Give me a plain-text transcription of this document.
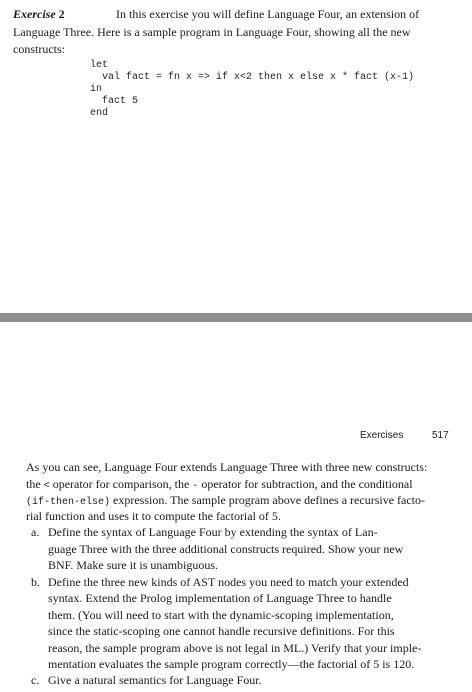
Exercise 2	In this exercise you will define Language Four, an extension of
Language Three. Here is a sample program in Language Four, showing all the new
constructs:
let
val fact = fn x => if x<2 then x else x * fact (x-1)
in
fact 5
end
Exercises	517
As you can see, Language Four extends Language Three with three new constructs:
the < operator for comparison, the - operator for subtraction, and the conditional
(if-then-else) expression. The sample program above defines a recursive facto-
rial function and uses it to compute the factorial of 5.
a. Define the syntax of Language Four by extending the syntax of Lan-
guage Three with the three additional constructs required. Show your new
BNF. Make sure it is unambiguous.
b. Define the three new kinds of AST nodes you need to match your extended
syntax. Extend the Prolog implementation of Language Three to handle
them. (You will need to start with the dynamic-scoping implementation,
since the static-scoping one cannot handle recursive definitions. For this
reason, the sample program above is not legal in ML.) Verify that your imple-
mentation evaluates the sample program correctly—the factorial of 5 is 120.
c. Give a natural semantics for Language Four.
